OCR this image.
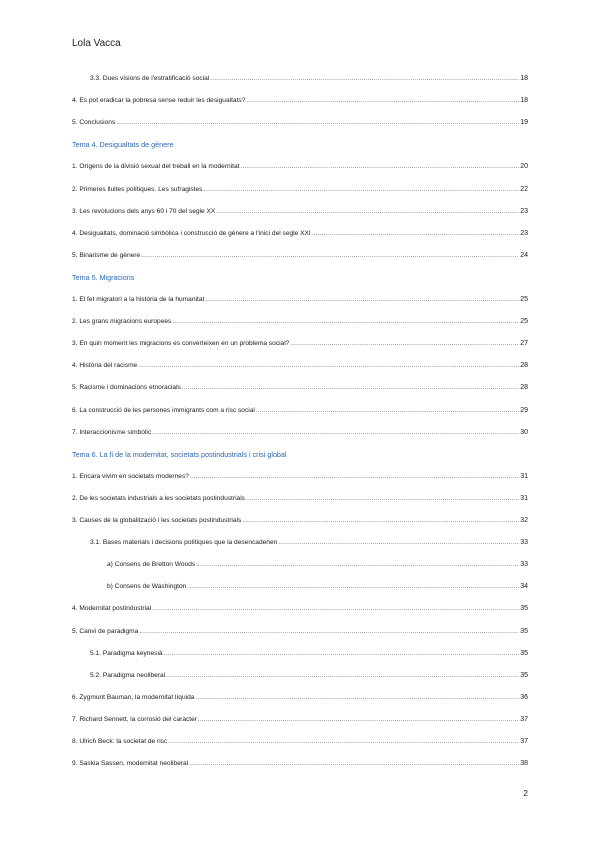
Lola Vacca
3.3. Dues visions de l'estratificació social .....	18
4. Es pot eradicar la pobresa sense reduir les desigualtats? .....	18
5. Conclusions .....	19
Tema 4. Desigualtats de gènere
1. Orígens de la divisió sexual del treball en la modernitat .....	20
2. Primeres lluites polítiques. Les sufragistes .....	22
3. Les revolucions dels anys 60 i 70 del segle XX .....	23
4. Desigualtats, dominació simbòlica i construcció de gènere a l'inici del segle XXI .....	23
5. Binarisme de gènere .....	24
Tema 5. Migracions
1. El fet migratori a la història de la humanitat .....	25
2. Les grans migracions europees .....	25
3. En quin moment les migracions es converteixen en un problema social? .....	27
4. Història del racisme .....	28
5. Racisme i dominacions etnoracials .....	28
6. La construcció de les persones immigrants com a risc social .....	29
7. Interaccionisme simbòlic .....	30
Tema 6. La fi de la modernitat, societats postindustrials i crisi global
1. Encara vivim en societats modernes? .....	31
2. De les societats industrials a les societats postindustrials .....	31
3. Causes de la globalització i les societats postindustrials .....	32
3.1. Bases materials i decisions polítiques que la desencadenen .....	33
a) Consens de Bretton Woods .....	33
b) Consens de Washington .....	34
4. Modernitat postindustrial .....	35
5. Canvi de paradigma .....	35
5.1. Paradigma keynesià .....	35
5.2. Paradigma neoliberal .....	35
6. Zygmunt Bauman, la modernitat líquida .....	36
7. Richard Sennett, la corrosió del caràcter .....	37
8. Ulrich Beck: la societat de risc .....	37
9. Saskia Sassen, modernitat neoliberal .....	38
2
